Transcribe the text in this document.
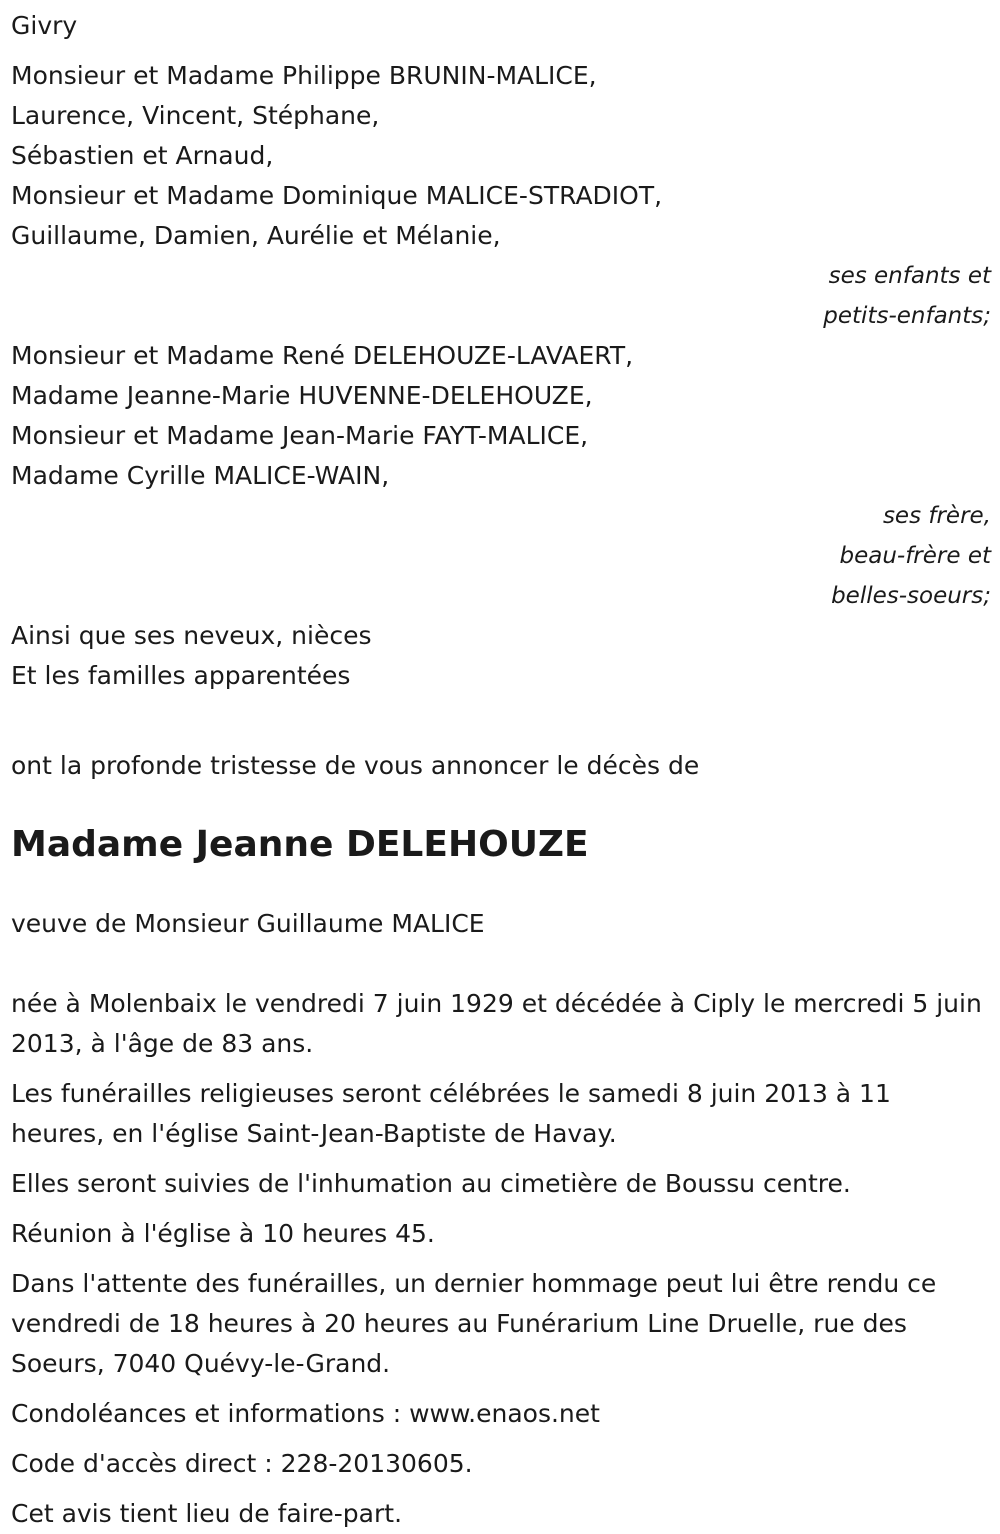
Givry
Monsieur et Madame Philippe BRUNIN-MALICE,
Laurence, Vincent, Stéphane,
Sébastien et Arnaud,
Monsieur et Madame Dominique MALICE-STRADIOT,
Guillaume, Damien, Aurélie et Mélanie,
ses enfants et
petits-enfants;
Monsieur et Madame René DELEHOUZE-LAVAERT,
Madame Jeanne-Marie HUVENNE-DELEHOUZE,
Monsieur et Madame Jean-Marie FAYT-MALICE,
Madame Cyrille MALICE-WAIN,
ses frère,
beau-frère et
belles-soeurs;
Ainsi que ses neveux, nièces
Et les familles apparentées
ont la profonde tristesse de vous annoncer le décès de
Madame Jeanne DELEHOUZE
veuve de Monsieur Guillaume MALICE
née à Molenbaix le vendredi 7 juin 1929 et décédée à Ciply le mercredi 5 juin 2013, à l'âge de 83 ans.
Les funérailles religieuses seront célébrées le samedi 8 juin 2013 à 11 heures, en l'église Saint-Jean-Baptiste de Havay.
Elles seront suivies de l'inhumation au cimetière de Boussu centre.
Réunion à l'église à 10 heures 45.
Dans l'attente des funérailles, un dernier hommage peut lui être rendu ce vendredi de 18 heures à 20 heures au Funérarium Line Druelle, rue des Soeurs, 7040 Quévy-le-Grand.
Condoléances et informations : www.enaos.net
Code d'accès direct : 228-20130605.
Cet avis tient lieu de faire-part.
